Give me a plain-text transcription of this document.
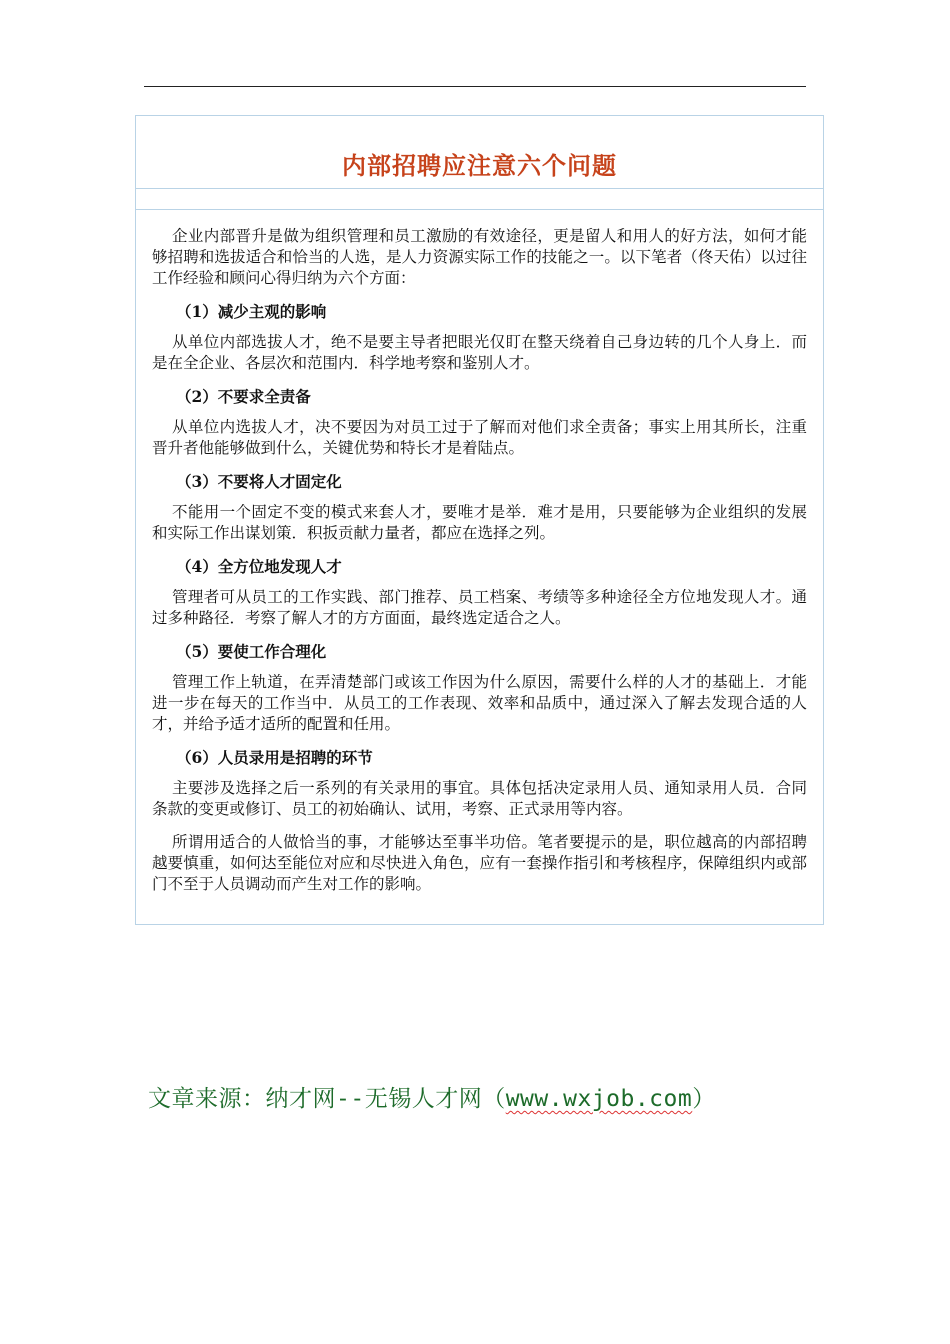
内部招聘应注意六个问题

企业内部晋升是做为组织管理和员工激励的有效途径，更是留人和用人的好方法，如何才能够招聘和选拔适合和恰当的人选，是人力资源实际工作的技能之一。以下笔者（佟天佑）以过往工作经验和顾问心得归纳为六个方面：

（1）减少主观的影响

从单位内部选拔人才，绝不是要主导者把眼光仅盯在整天绕着自己身边转的几个人身上．而是在全企业、各层次和范围内．科学地考察和鉴别人才。

（2）不要求全责备

从单位内选拔人才，决不要因为对员工过于了解而对他们求全责备；事实上用其所长，注重晋升者他能够做到什么，关键优势和特长才是着陆点。

（3）不要将人才固定化

不能用一个固定不变的模式来套人才，要唯才是举．难才是用，只要能够为企业组织的发展和实际工作出谋划策．积扳贡献力量者，都应在选择之列。

（4）全方位地发现人才

管理者可从员工的工作实践、部门推荐、员工档案、考绩等多种途径全方位地发现人才。通过多种路径．考察了解人才的方方面面，最终选定适合之人。

（5）要使工作合理化

管理工作上轨道，在弄清楚部门或该工作因为什么原因，需要什么样的人才的基础上．才能进一步在每天的工作当中．从员工的工作表现、效率和品质中，通过深入了解去发现合适的人才，并给予适才适所的配置和任用。

（6）人员录用是招聘的环节

主要涉及选择之后一系列的有关录用的事宜。具体包括决定录用人员、通知录用人员．合同条款的变更或修订、员工的初始确认、试用，考察、正式录用等内容。

所谓用适合的人做恰当的事，才能够达至事半功倍。笔者要提示的是，职位越高的内部招聘越要慎重，如何达至能位对应和尽快进入角色，应有一套操作指引和考核程序，保障组织内或部门不至于人员调动而产生对工作的影响。

文章来源：纳才网--无锡人才网（www.wxjob.com）
